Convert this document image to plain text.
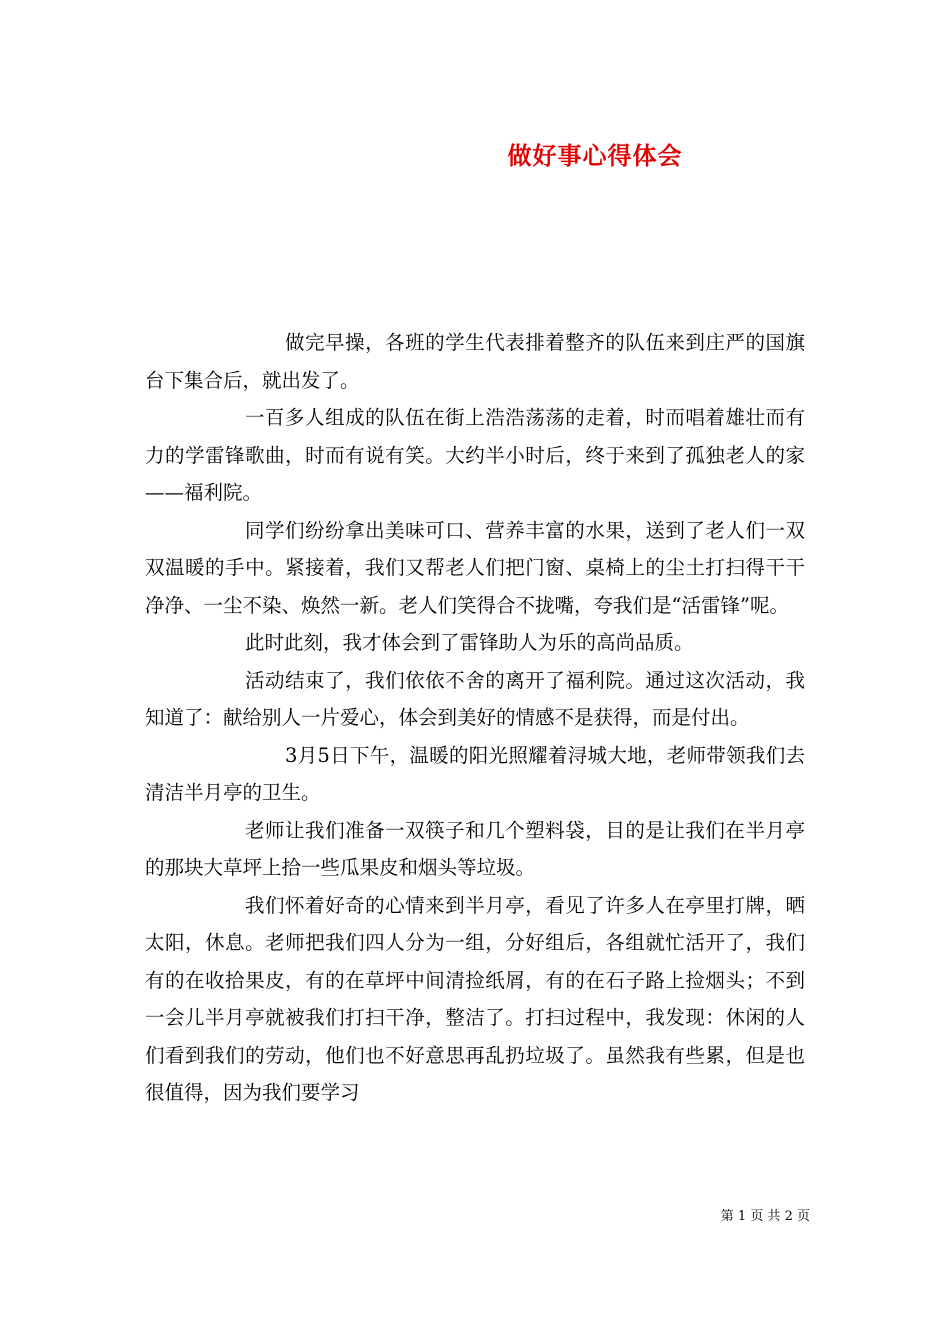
做好事心得体会

做完早操，各班的学生代表排着整齐的队伍来到庄严的国旗台下集合后，就出发了。

一百多人组成的队伍在街上浩浩荡荡的走着，时而唱着雄壮而有力的学雷锋歌曲，时而有说有笑。大约半小时后，终于来到了孤独老人的家——福利院。

同学们纷纷拿出美味可口、营养丰富的水果，送到了老人们一双双温暖的手中。紧接着，我们又帮老人们把门窗、桌椅上的尘土打扫得干干净净、一尘不染、焕然一新。老人们笑得合不拢嘴，夸我们是“活雷锋”呢。

此时此刻，我才体会到了雷锋助人为乐的高尚品质。

活动结束了，我们依依不舍的离开了福利院。通过这次活动，我知道了：献给别人一片爱心，体会到美好的情感不是获得，而是付出。

3月5日下午，温暖的阳光照耀着浔城大地，老师带领我们去清洁半月亭的卫生。

老师让我们准备一双筷子和几个塑料袋，目的是让我们在半月亭的那块大草坪上拾一些瓜果皮和烟头等垃圾。

我们怀着好奇的心情来到半月亭，看见了许多人在亭里打牌，晒太阳，休息。老师把我们四人分为一组，分好组后，各组就忙活开了，我们有的在收拾果皮，有的在草坪中间清捡纸屑，有的在石子路上捡烟头；不到一会儿半月亭就被我们打扫干净，整洁了。打扫过程中，我发现：休闲的人们看到我们的劳动，他们也不好意思再乱扔垃圾了。虽然我有些累，但是也很值得，因为我们要学习

第 1 页 共 2 页
